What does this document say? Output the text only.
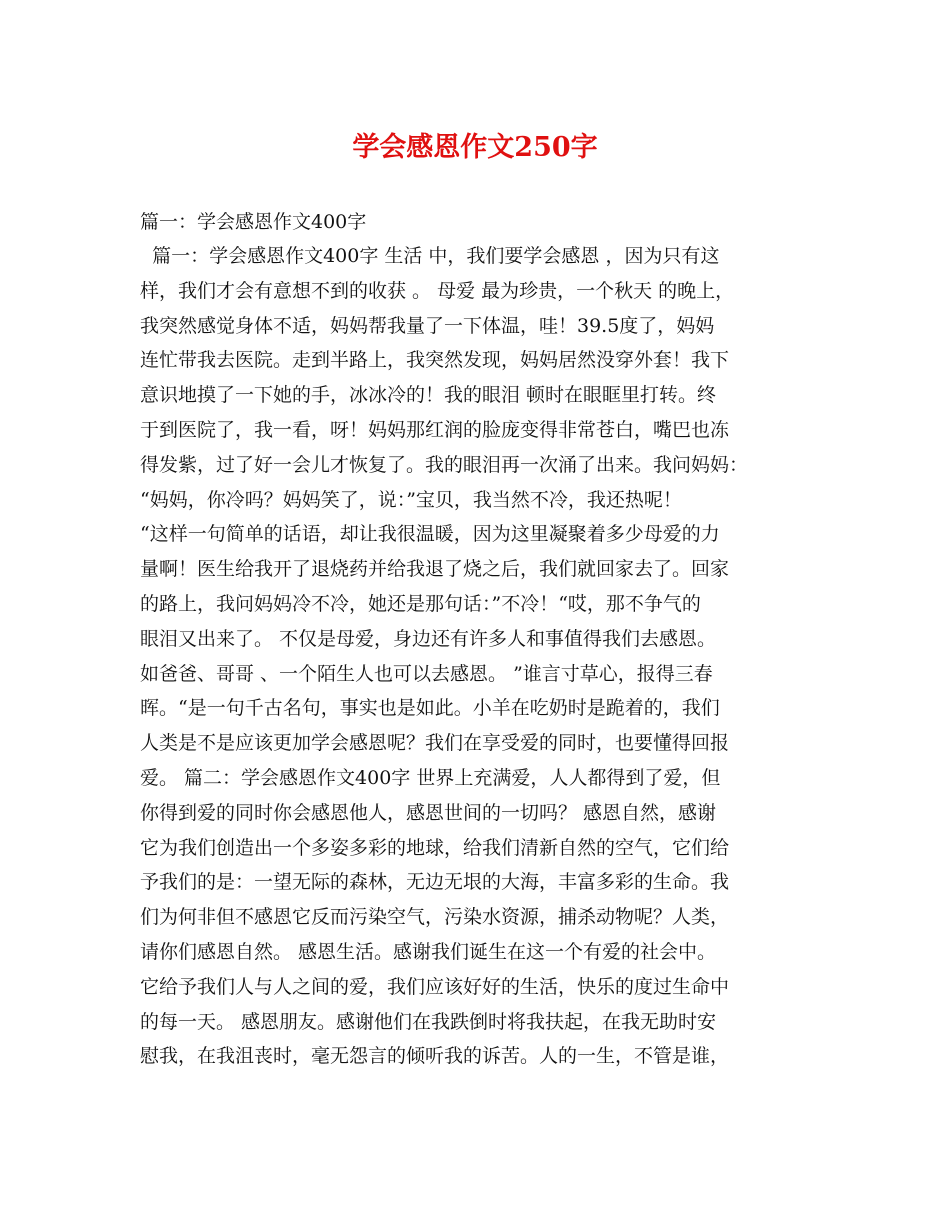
学会感恩作文250字

篇一：学会感恩作文400字

篇一：学会感恩作文400字 生活 中，我们要学会感恩 ，因为只有这
样，我们才会有意想不到的收获 。 母爱 最为珍贵，一个秋天 的晚上，
我突然感觉身体不适，妈妈帮我量了一下体温，哇！39.5度了，妈妈
连忙带我去医院。走到半路上，我突然发现，妈妈居然没穿外套！我下
意识地摸了一下她的手，冰冰冷的！我的眼泪 顿时在眼眶里打转。终
于到医院了，我一看，呀！妈妈那红润的脸庞变得非常苍白，嘴巴也冻
得发紫，过了好一会儿才恢复了。我的眼泪再一次涌了出来。我问妈妈：
“妈妈，你冷吗？妈妈笑了，说：”宝贝，我当然不冷，我还热呢！
“这样一句简单的话语，却让我很温暖，因为这里凝聚着多少母爱的力
量啊！医生给我开了退烧药并给我退了烧之后，我们就回家去了。回家
的路上，我问妈妈冷不冷，她还是那句话：”不冷！“哎，那不争气的
眼泪又出来了。 不仅是母爱，身边还有许多人和事值得我们去感恩。
如爸爸、哥哥 、一个陌生人也可以去感恩。 ”谁言寸草心，报得三春
晖。“是一句千古名句，事实也是如此。小羊在吃奶时是跪着的，我们
人类是不是应该更加学会感恩呢？我们在享受爱的同时，也要懂得回报
爱。 篇二：学会感恩作文400字 世界上充满爱，人人都得到了爱，但
你得到爱的同时你会感恩他人，感恩世间的一切吗？ 感恩自然，感谢
它为我们创造出一个多姿多彩的地球，给我们清新自然的空气，它们给
予我们的是：一望无际的森林，无边无垠的大海，丰富多彩的生命。我
们为何非但不感恩它反而污染空气，污染水资源，捕杀动物呢？人类，
请你们感恩自然。 感恩生活。感谢我们诞生在这一个有爱的社会中。
它给予我们人与人之间的爱，我们应该好好的生活，快乐的度过生命中
的每一天。 感恩朋友。感谢他们在我跌倒时将我扶起，在我无助时安
慰我，在我沮丧时，毫无怨言的倾听我的诉苦。人的一生，不管是谁，
